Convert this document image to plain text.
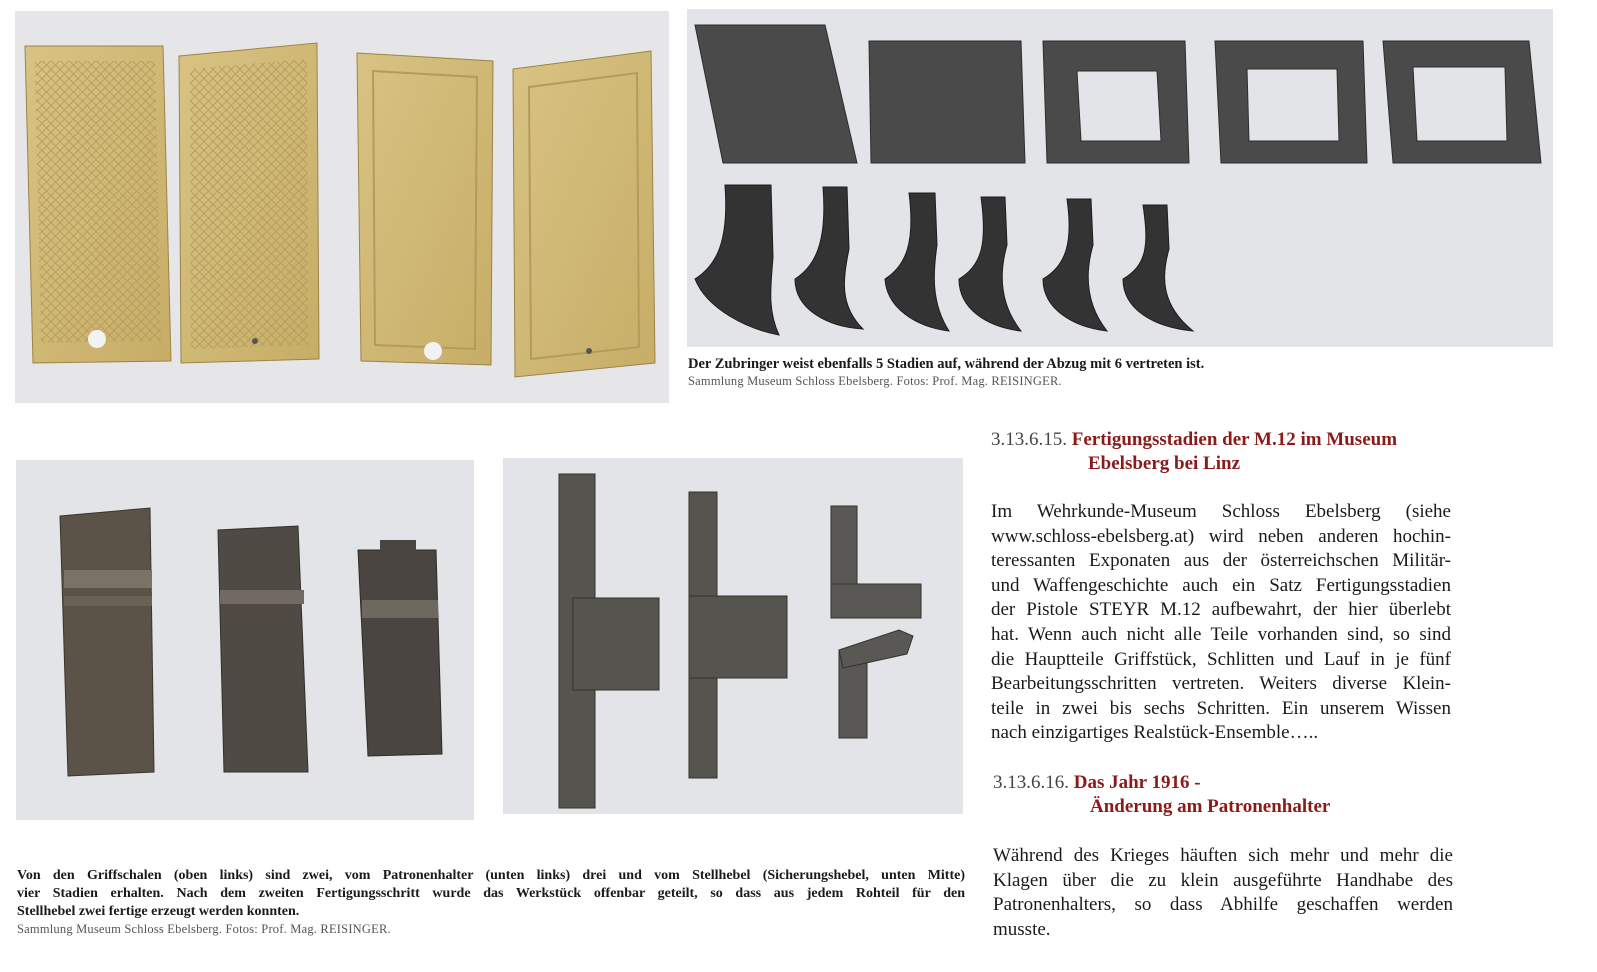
Der Zubringer weist ebenfalls 5 Stadien auf, während der Abzug mit 6 vertreten ist.
Sammlung Museum Schloss Ebelsberg. Fotos: Prof. Mag. REISINGER.
3.13.6.15. Fertigungsstadien der M.12 im Museum
Ebelsberg bei Linz
Im Wehrkunde-Museum Schloss Ebelsberg (siehe
www.schloss-ebelsberg.at) wird neben anderen hochin-
teressanten Exponaten aus der österreichschen Militär-
und Waffengeschichte auch ein Satz Fertigungsstadien
der Pistole STEYR M.12 aufbewahrt, der hier überlebt
hat. Wenn auch nicht alle Teile vorhanden sind, so sind
die Hauptteile Griffstück, Schlitten und Lauf in je fünf
Bearbeitungsschritten vertreten. Weiters diverse Klein-
teile in zwei bis sechs Schritten. Ein unserem Wissen
nach einzigartiges Realstück-Ensemble…..
3.13.6.16. Das Jahr 1916 -
Änderung am Patronenhalter
Während des Krieges häuften sich mehr und mehr die
Klagen über die zu klein ausgeführte Handhabe des
Patronenhalters, so dass Abhilfe geschaffen werden
musste.
Von den Griffschalen (oben links) sind zwei, vom Patronenhalter (unten links) drei und vom Stellhebel (Sicherungshebel, unten Mitte)
vier Stadien erhalten. Nach dem zweiten Fertigungsschritt wurde das Werkstück offenbar geteilt, so dass aus jedem Rohteil für den
Stellhebel zwei fertige erzeugt werden konnten.
Sammlung Museum Schloss Ebelsberg. Fotos: Prof. Mag. REISINGER.
